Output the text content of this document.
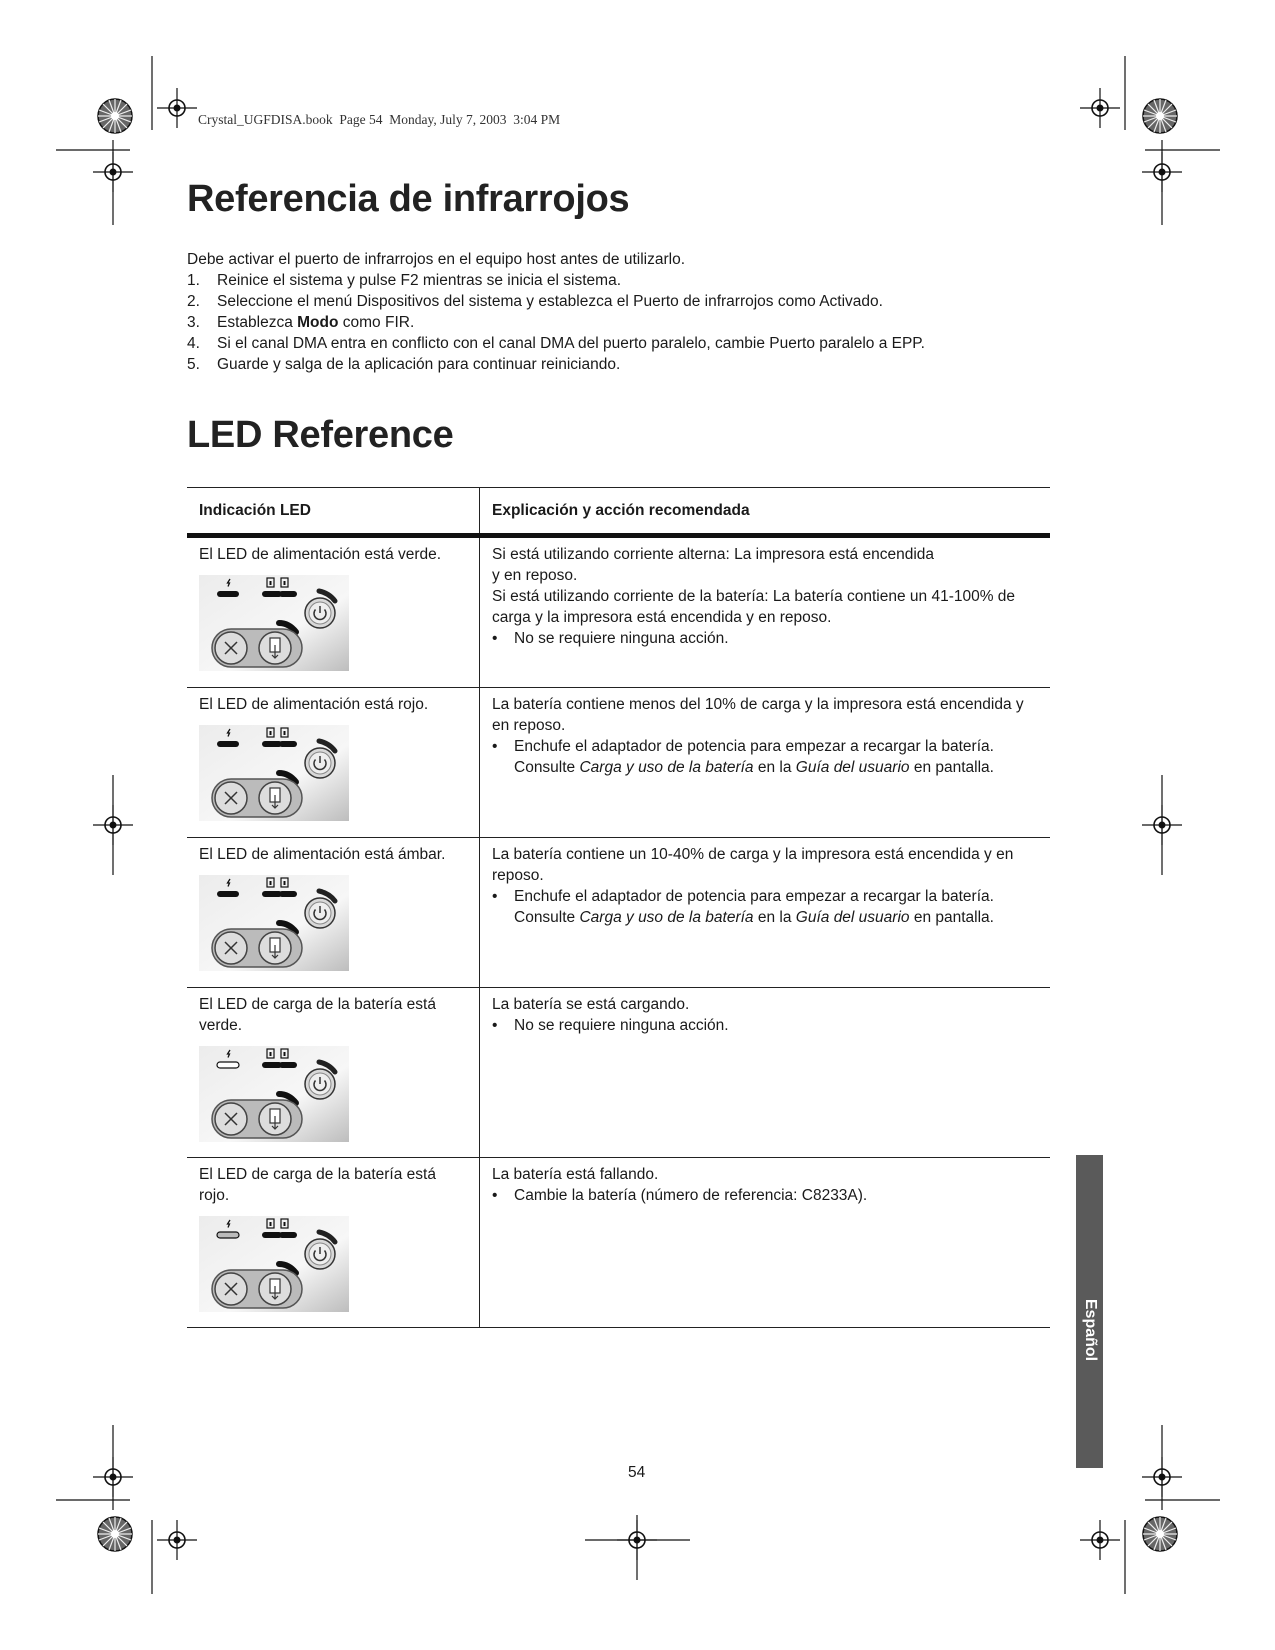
Crystal_UGFDISA.book  Page 54  Monday, July 7, 2003  3:04 PM
Referencia de infrarrojos
Debe activar el puerto de infrarrojos en el equipo host antes de utilizarlo.
1.	Reinice el sistema y pulse F2 mientras se inicia el sistema.
2.	Seleccione el menú Dispositivos del sistema y establezca el Puerto de infrarrojos como Activado.
3.	Establezca Modo como FIR.
4.	Si el canal DMA entra en conflicto con el canal DMA del puerto paralelo, cambie Puerto paralelo a EPP.
5.	Guarde y salga de la aplicación para continuar reiniciando.
LED Reference
Indicación LED	Explicación y acción recomendada

El LED de alimentación está verde.	Si está utilizando corriente alterna: La impresora está encendida
y en reposo.
Si está utilizando corriente de la batería: La batería contiene un 41-100% de carga y la impresora está encendida y en reposo.
• No se requiere ninguna acción.

El LED de alimentación está rojo.	La batería contiene menos del 10% de carga y la impresora está encendida y en reposo.
• Enchufe el adaptador de potencia para empezar a recargar la batería.
Consulte Carga y uso de la batería en la Guía del usuario en pantalla.

El LED de alimentación está ámbar.	La batería contiene un 10-40% de carga y la impresora está encendida y en reposo.
• Enchufe el adaptador de potencia para empezar a recargar la batería.
Consulte Carga y uso de la batería en la Guía del usuario en pantalla.

El LED de carga de la batería está verde.	La batería se está cargando.
• No se requiere ninguna acción.

El LED de carga de la batería está rojo.	La batería está fallando.
• Cambie la batería (número de referencia: C8233A).
Español
54
